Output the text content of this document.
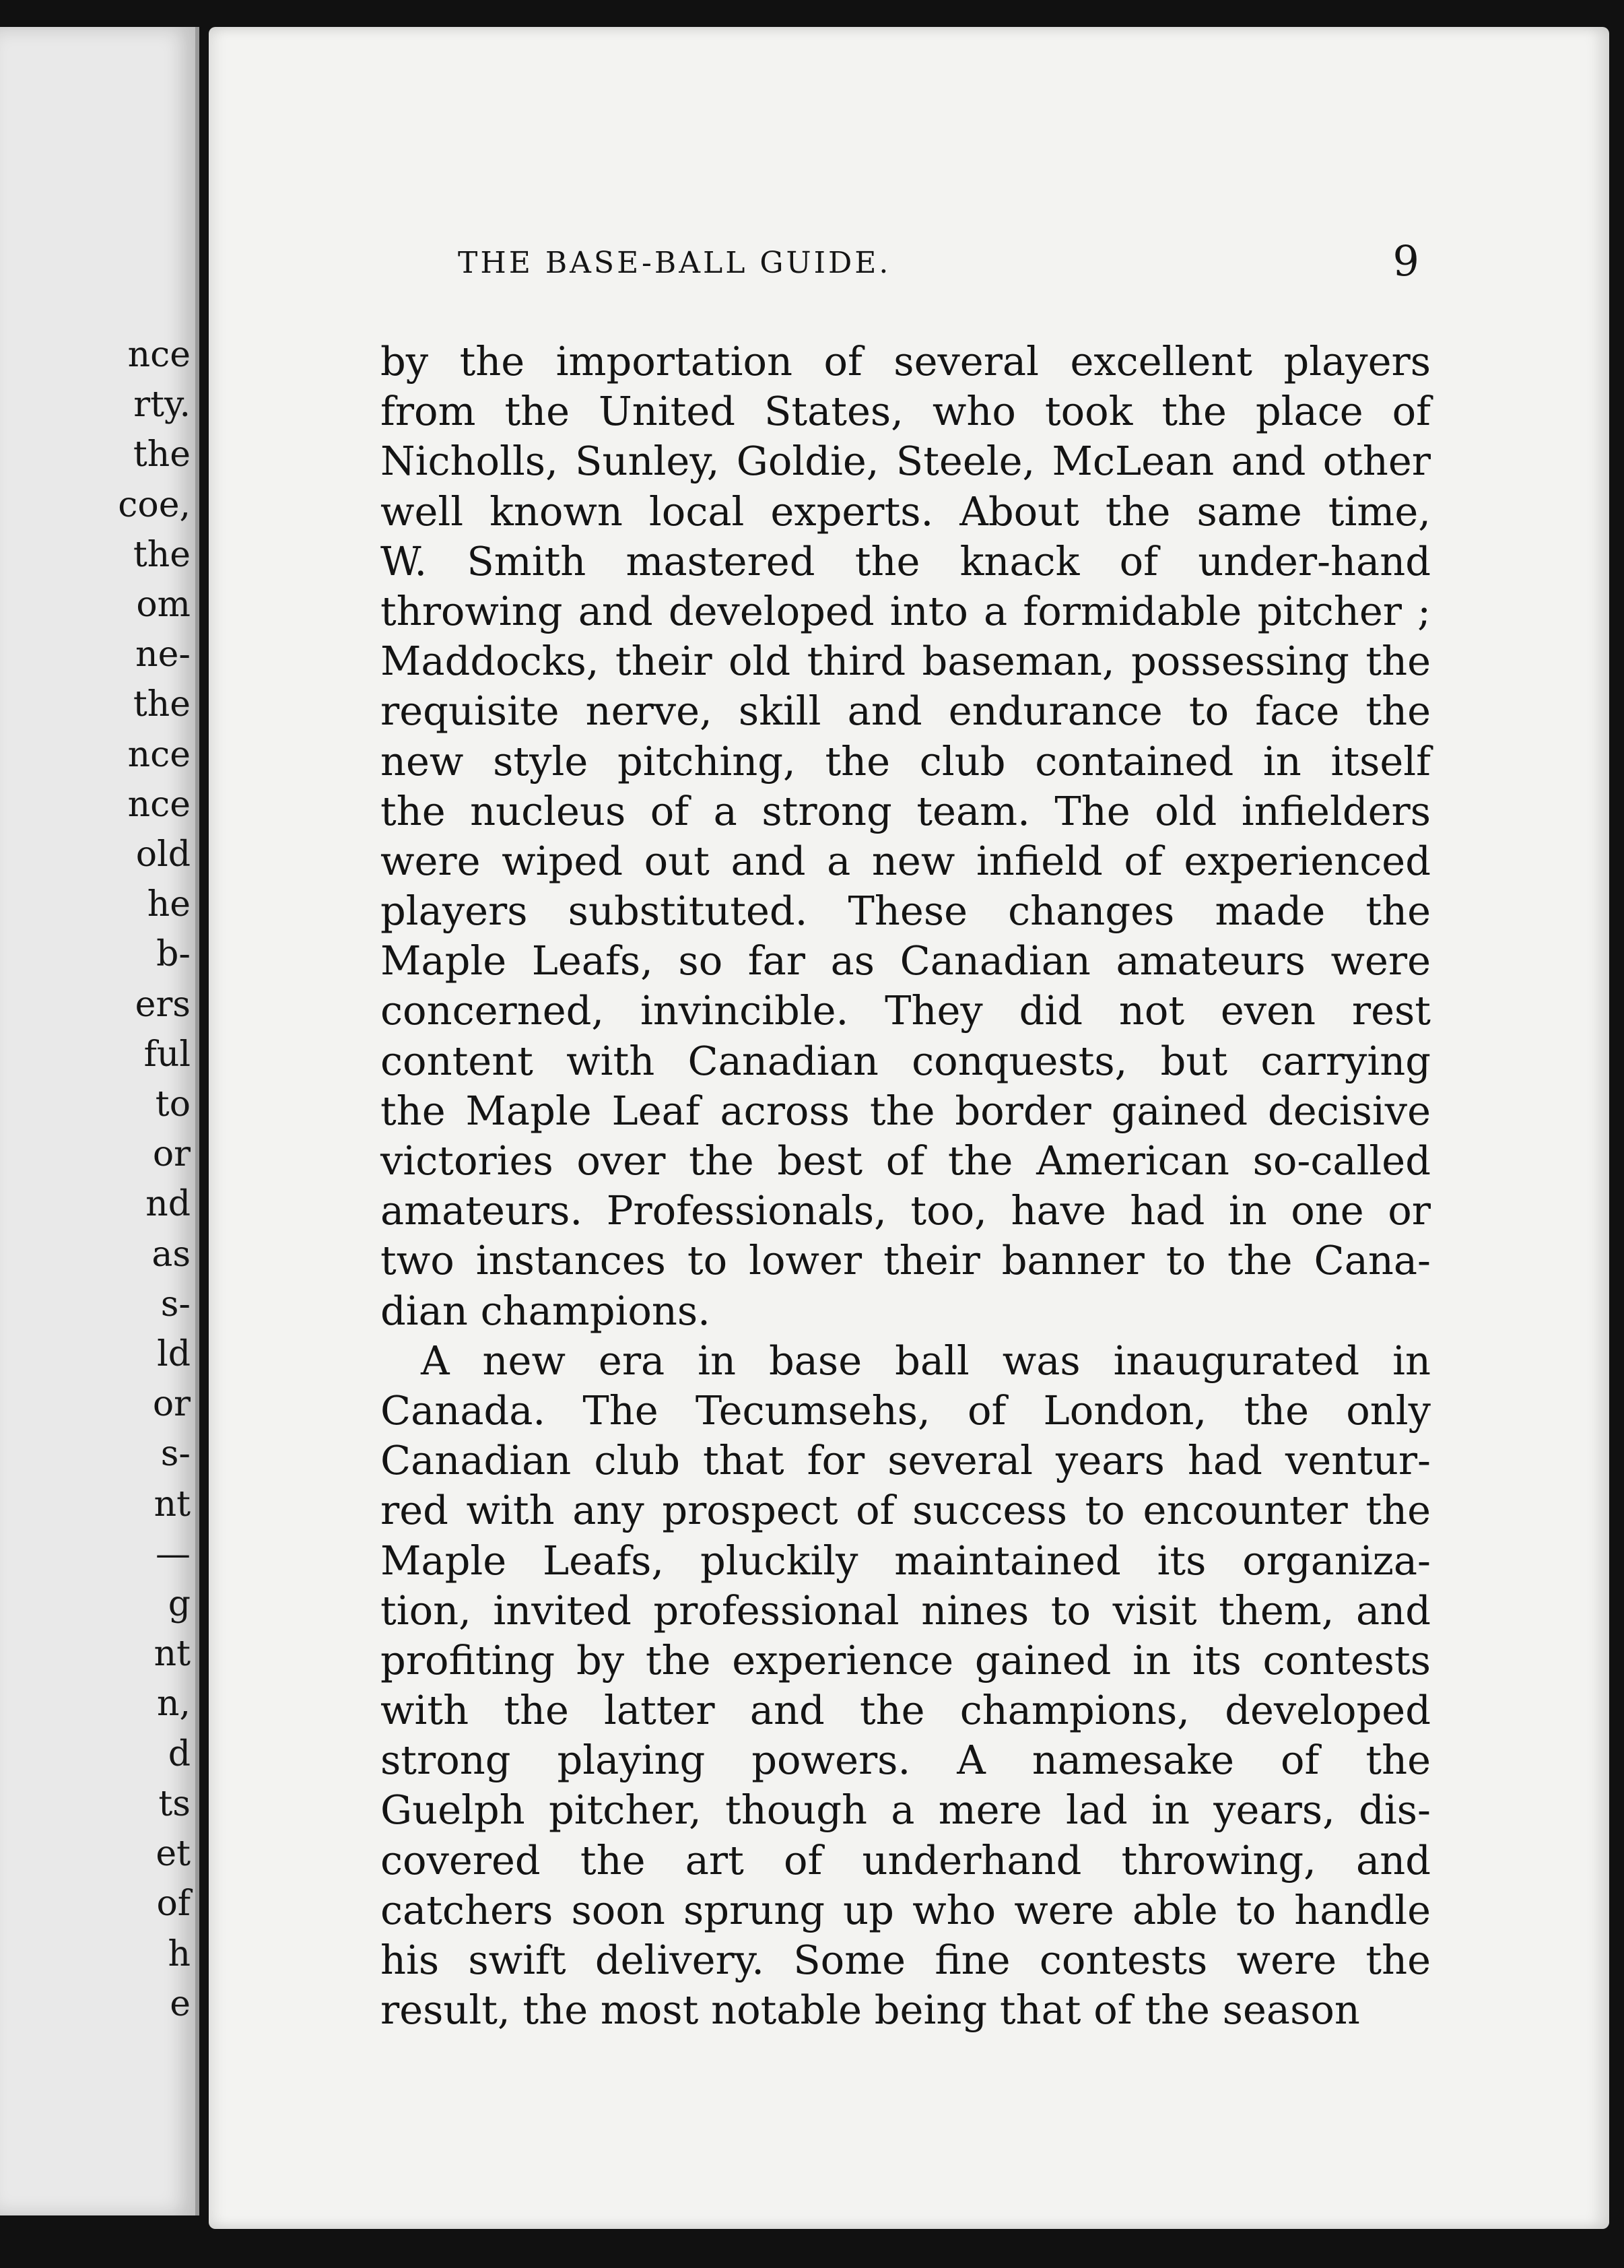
nce
rty.
the
coe,
the
om
ne-
the
nce
nce
old
he
b-
ers
ful
to
or
nd
as
s-
ld
or
s-
nt
—
g
nt
n,
d
ts
et
of
h
e
THE BASE-BALL GUIDE.	9
by the importation of several excellent players
from the United States, who took the place of
Nicholls, Sunley, Goldie, Steele, McLean and other
well known local experts. About the same time,
W. Smith mastered the knack of under-hand
throwing and developed into a formidable pitcher ;
Maddocks, their old third baseman, possessing the
requisite nerve, skill and endurance to face the
new style pitching, the club contained in itself
the nucleus of a strong team. The old infielders
were wiped out and a new infield of experienced
players substituted. These changes made the
Maple Leafs, so far as Canadian amateurs were
concerned, invincible. They did not even rest
content with Canadian conquests, but carrying
the Maple Leaf across the border gained decisive
victories over the best of the American so-called
amateurs. Professionals, too, have had in one or
two instances to lower their banner to the Cana-
dian champions.
A new era in base ball was inaugurated in
Canada. The Tecumsehs, of London, the only
Canadian club that for several years had ventur-
red with any prospect of success to encounter the
Maple Leafs, pluckily maintained its organiza-
tion, invited professional nines to visit them, and
profiting by the experience gained in its contests
with the latter and the champions, developed
strong playing powers. A namesake of the
Guelph pitcher, though a mere lad in years, dis-
covered the art of underhand throwing, and
catchers soon sprung up who were able to handle
his swift delivery. Some fine contests were the
result, the most notable being that of the season
